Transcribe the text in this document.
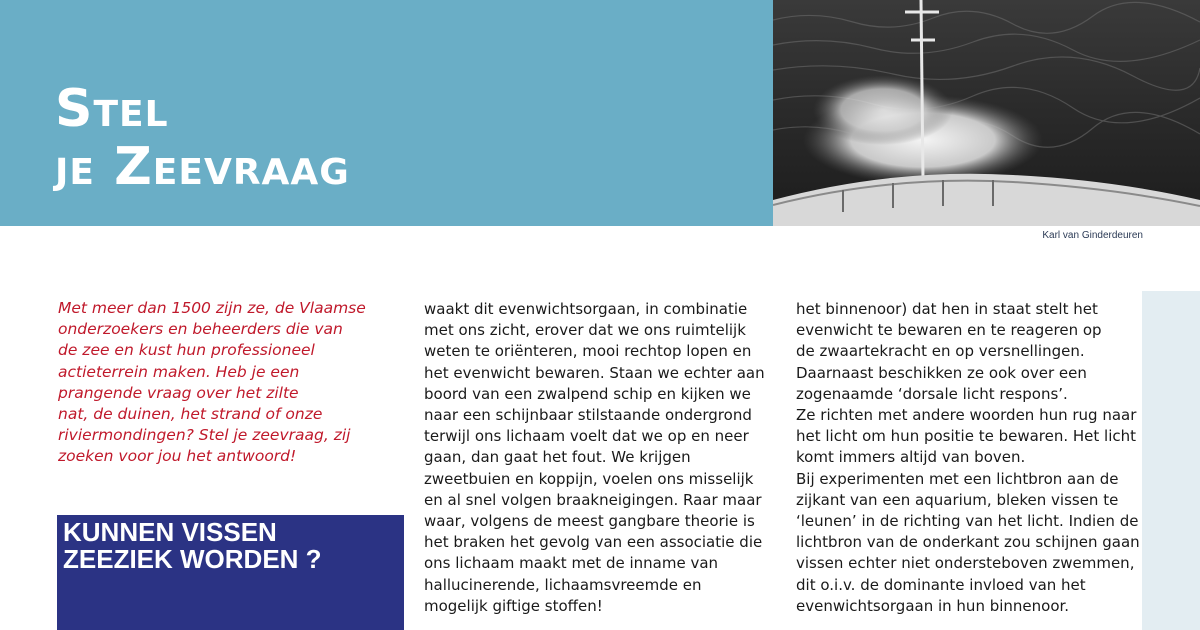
Stel
je Zeevraag
Karl van Ginderdeuren
Met meer dan 1500 zijn ze, de Vlaamse
onderzoekers en beheerders die van
de zee en kust hun professioneel
actieterrein maken. Heb je een
prangende vraag over het zilte
nat, de duinen, het strand of onze
riviermondingen? Stel je zeevraag, zij
zoeken voor jou het antwoord!
KUNNEN VISSEN
ZEEZIEK WORDEN ?
waakt dit evenwichtsorgaan, in combinatie
met ons zicht, erover dat we ons ruimtelijk
weten te oriënteren, mooi rechtop lopen en
het evenwicht bewaren. Staan we echter aan
boord van een zwalpend schip en kijken we
naar een schijnbaar stilstaande ondergrond
terwijl ons lichaam voelt dat we op en neer
gaan, dan gaat het fout. We krijgen
zweetbuien en koppijn, voelen ons misselijk
en al snel volgen braakneigingen. Raar maar
waar, volgens de meest gangbare theorie is
het braken het gevolg van een associatie die
ons lichaam maakt met de inname van
hallucinerende, lichaamsvreemde en
mogelijk giftige stoffen!
het binnenoor) dat hen in staat stelt het
evenwicht te bewaren en te reageren op
de zwaartekracht en op versnellingen.
Daarnaast beschikken ze ook over een
zogenaamde ‘dorsale licht respons’.
Ze richten met andere woorden hun rug naar
het licht om hun positie te bewaren. Het licht
komt immers altijd van boven.
Bij experimenten met een lichtbron aan de
zijkant van een aquarium, bleken vissen te
‘leunen’ in de richting van het licht. Indien de
lichtbron van de onderkant zou schijnen gaan
vissen echter niet ondersteboven zwemmen,
dit o.i.v. de dominante invloed van het
evenwichtsorgaan in hun binnenoor.
